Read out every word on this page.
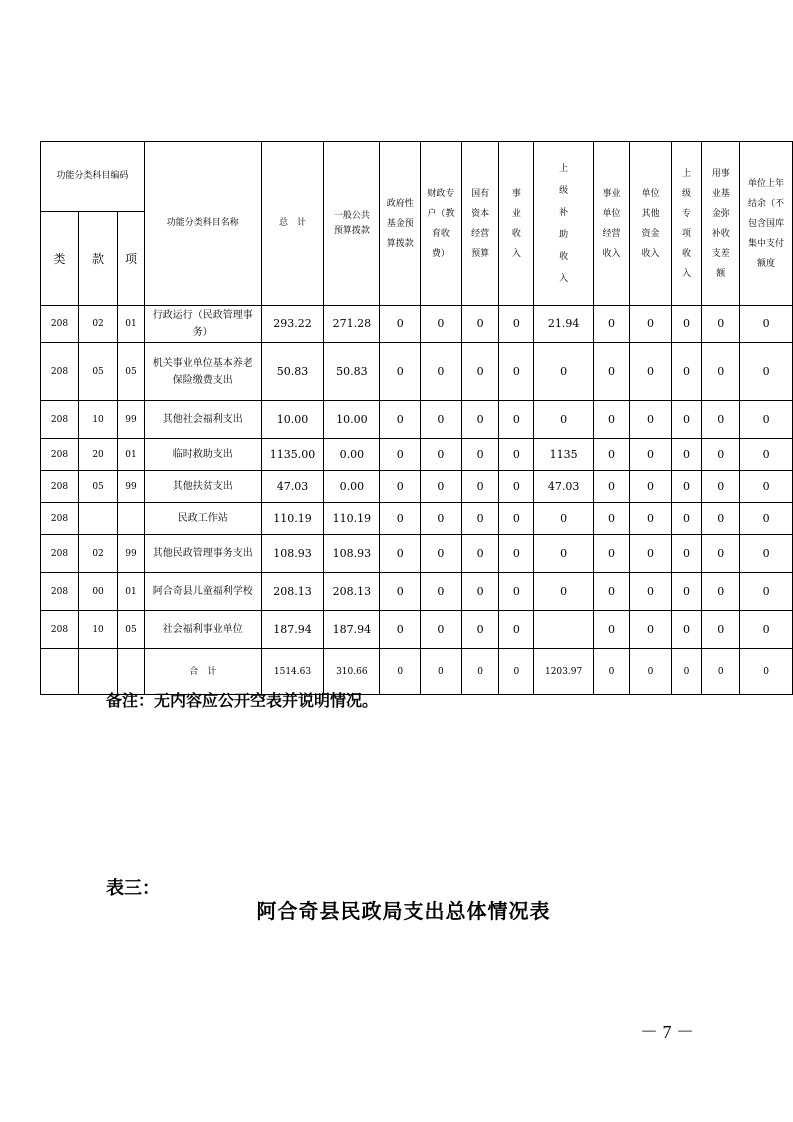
功能分类科目编码			功能分类科目名称	总　计	一般公共预算拨款	政府性基金预算拨款	财政专户（教育收费）	国有资本经营预算	事业收入	上级补助收入	事业单位经营收入	单位其他资金收入	上级专项收入	用事业基金弥补收支差额	单位上年结余（不包含国库集中支付额度
类	款	项													
208	02	01	行政运行（民政管理事务）	293.22	271.28	0	0	0	0	21.94	0	0	0	0	0
208	05	05	机关事业单位基本养老保险缴费支出	50.83	50.83	0	0	0	0	0	0	0	0	0	0
208	10	99	其他社会福利支出	10.00	10.00	0	0	0	0	0	0	0	0	0	0
208	20	01	临时救助支出	1135.00	0.00	0	0	0	0	1135	0	0	0	0	0
208	05	99	其他扶贫支出	47.03	0.00	0	0	0	0	47.03	0	0	0	0	0
208			民政工作站	110.19	110.19	0	0	0	0	0	0	0	0	0	0
208	02	99	其他民政管理事务支出	108.93	108.93	0	0	0	0	0	0	0	0	0	0
208	00	01	阿合奇县儿童福利学校	208.13	208.13	0	0	0	0	0	0	0	0	0	0
208	10	05	社会福利事业单位	187.94	187.94	0	0	0	0		0	0	0	0	0
			合　计	1514.63	310.66	0	0	0	0	1203.97	0	0	0	0	0
备注：无内容应公开空表并说明情况。
表三：
阿合奇县民政局支出总体情况表
－ 7 －
